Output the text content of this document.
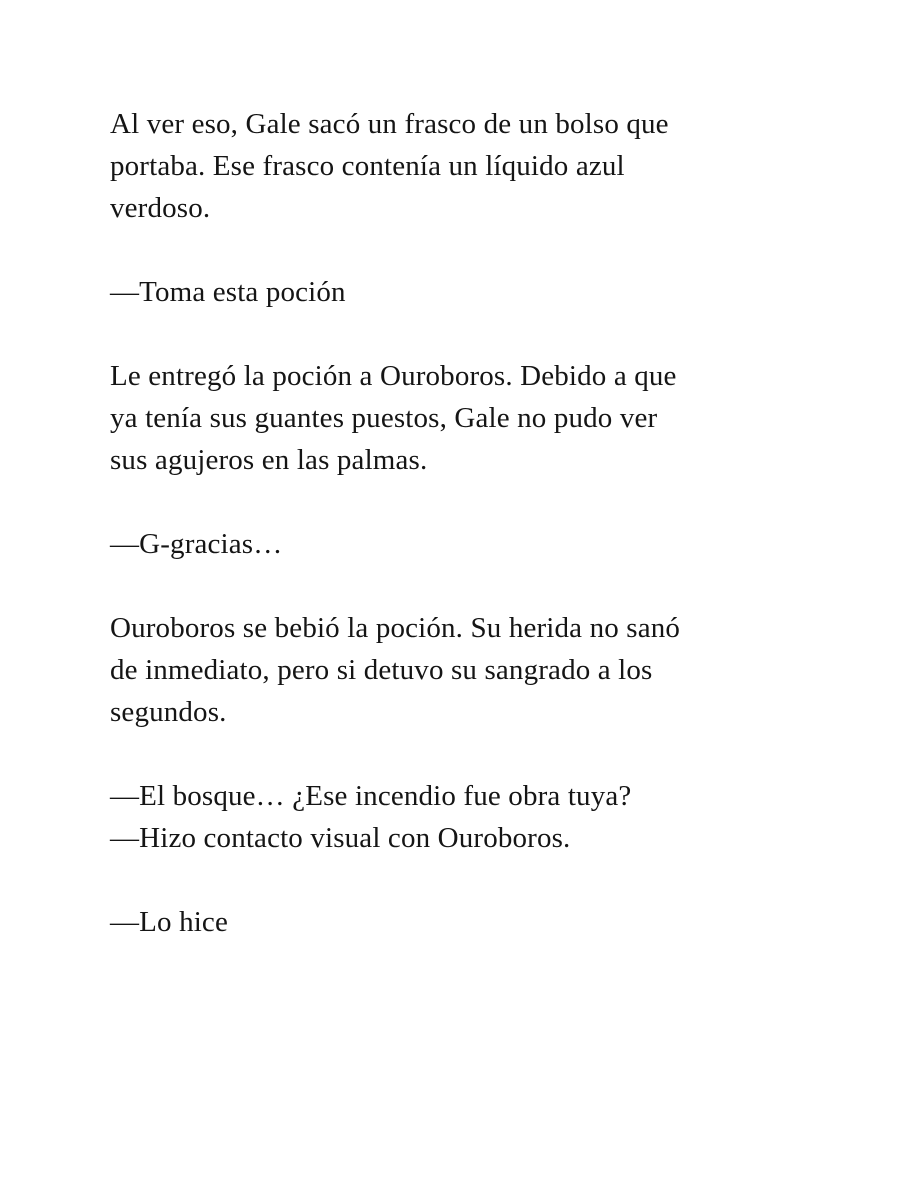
Al ver eso, Gale sacó un frasco de un bolso que
portaba. Ese frasco contenía un líquido azul
verdoso.

—Toma esta poción

Le entregó la poción a Ouroboros. Debido a que
ya tenía sus guantes puestos, Gale no pudo ver
sus agujeros en las palmas.

—G-gracias…

Ouroboros se bebió la poción. Su herida no sanó
de inmediato, pero si detuvo su sangrado a los
segundos.

—El bosque… ¿Ese incendio fue obra tuya?
—Hizo contacto visual con Ouroboros.

—Lo hice
